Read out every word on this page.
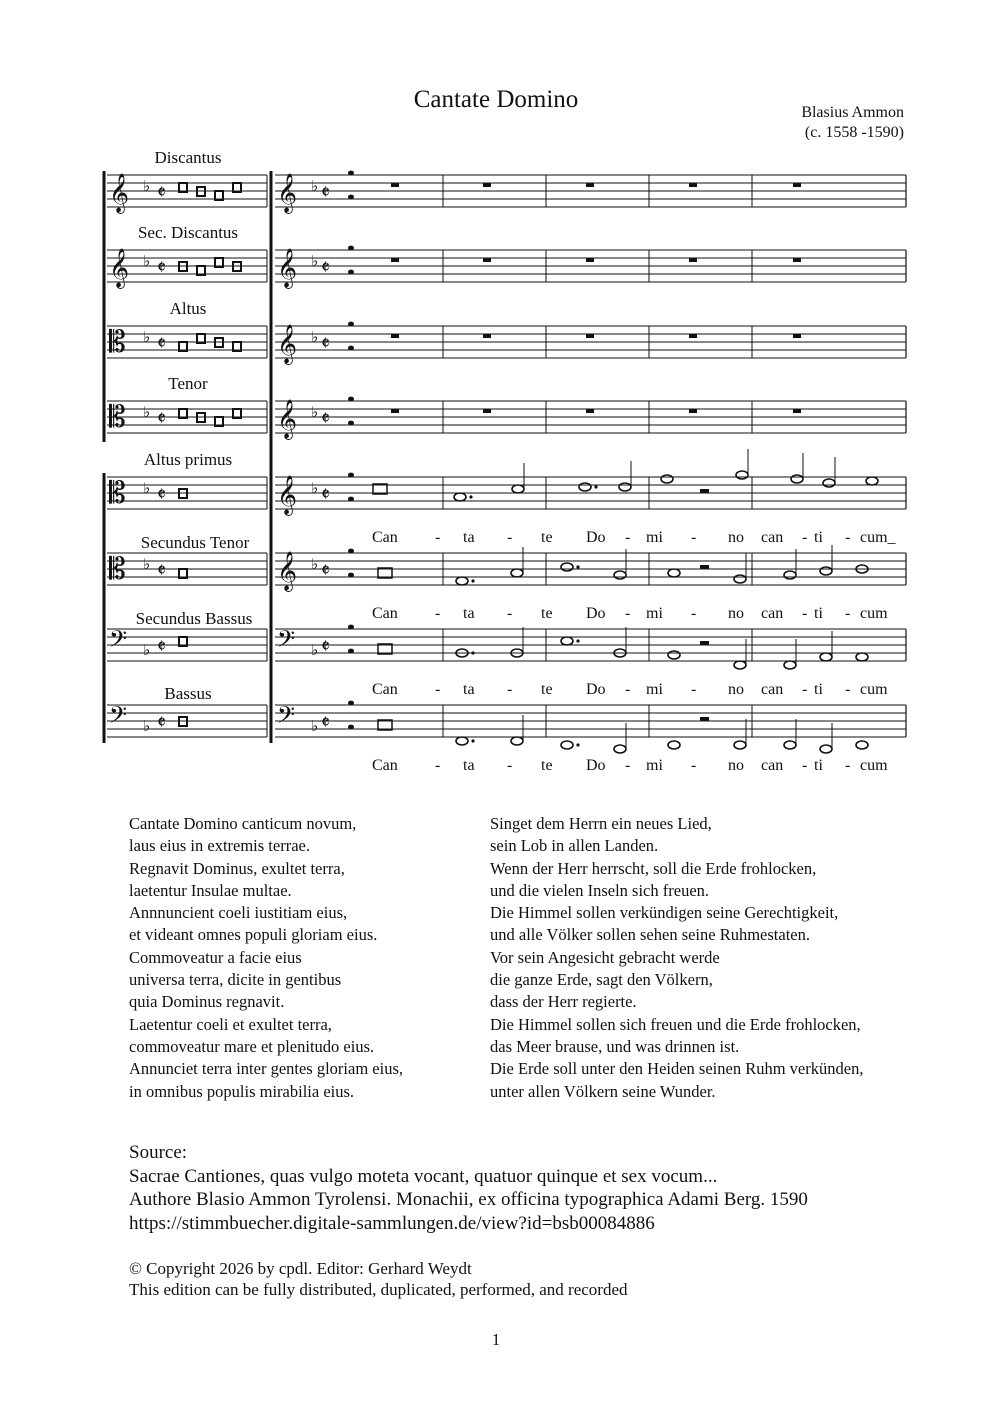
Cantate Domino	Blasius Ammon
(c. 1558 -1590)
𝄞	𝄞
♭	♭
𝄵	𝄵
𝄞	𝄞
♭	♭
𝄵	𝄵
𝄡	𝄞
♭	♭
𝄵	𝄵
𝄡	𝄞
♭	♭
𝄵	𝄵
𝄡	𝄞
♭	♭
𝄵	𝄵
𝄡	𝄞
♭	♭
𝄵	𝄵
𝄢	𝄢
♭	♭
𝄵	𝄵
𝄢	𝄢
♭	♭
𝄵	𝄵
Discantus
Sec. Discantus
Altus
Tenor
Altus primus
Secundus Tenor
Secundus Bassus
Bassus
Can - ta - te Do - mi - no can - ti - cum_
Can - ta - te Do - mi - no can - ti - cum
Can - ta - te Do - mi - no can - ti - cum
Can - ta - te Do - mi - no can - ti - cum
Cantate Domino canticum novum,
laus eius in extremis terrae.
Regnavit Dominus, exultet terra,
laetentur Insulae multae.
Annnuncient coeli iustitiam eius,
et videant omnes populi gloriam eius.
Commoveatur a facie eius
universa terra, dicite in gentibus
quia Dominus regnavit.
Laetentur coeli et exultet terra,
commoveatur mare et plenitudo eius.
Annunciet terra inter gentes gloriam eius,
in omnibus populis mirabilia eius.
Singet dem Herrn ein neues Lied,
sein Lob in allen Landen.
Wenn der Herr herrscht, soll die Erde frohlocken,
und die vielen Inseln sich freuen.
Die Himmel sollen verkündigen seine Gerechtigkeit,
und alle Völker sollen sehen seine Ruhmestaten.
Vor sein Angesicht gebracht werde
die ganze Erde, sagt den Völkern,
dass der Herr regierte.
Die Himmel sollen sich freuen und die Erde frohlocken,
das Meer brause, und was drinnen ist.
Die Erde soll unter den Heiden seinen Ruhm verkünden,
unter allen Völkern seine Wunder.
Source:
Sacrae Cantiones, quas vulgo moteta vocant, quatuor quinque et sex vocum...
Authore Blasio Ammon Tyrolensi. Monachii, ex officina typographica Adami Berg. 1590
https://stimmbuecher.digitale-sammlungen.de/view?id=bsb00084886
© Copyright 2026 by cpdl. Editor: Gerhard Weydt
This edition can be fully distributed, duplicated, performed, and recorded
1
